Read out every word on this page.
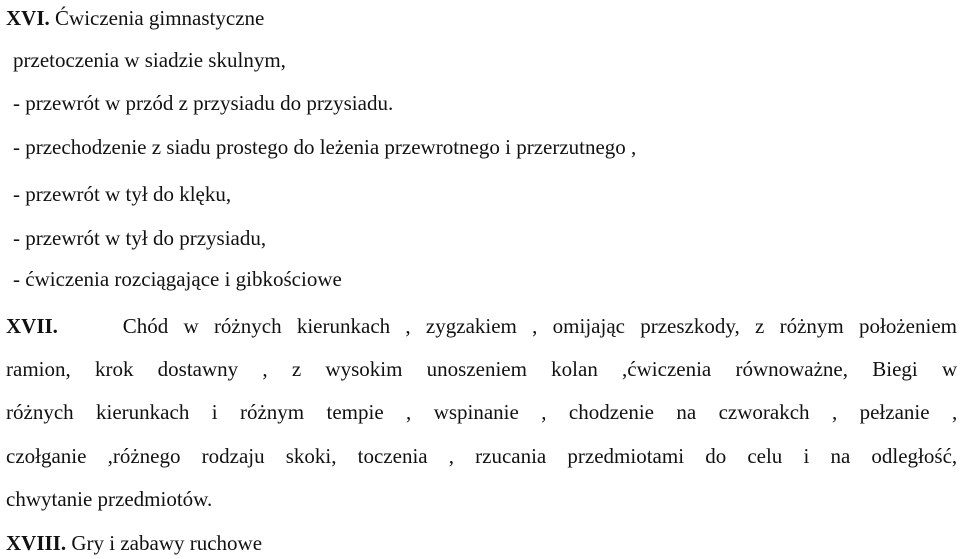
XVI. Ćwiczenia gimnastyczne
przetoczenia w siadzie skulnym,
- przewrót w przód z przysiadu do przysiadu.
- przechodzenie z siadu prostego do leżenia przewrotnego i przerzutnego ,
- przewrót w tył do klęku,
- przewrót w tył do przysiadu,
- ćwiczenia rozciągające i gibkościowe
XVII.	Chód w różnych kierunkach , zygzakiem , omijając przeszkody, z różnym położeniem
ramion, krok dostawny , z wysokim unoszeniem kolan ,ćwiczenia równoważne, Biegi w
różnych kierunkach i różnym tempie , wspinanie , chodzenie na czworakch , pełzanie ,
czołganie ,różnego rodzaju skoki, toczenia , rzucania przedmiotami do celu i na odległość,
chwytanie przedmiotów.
XVIII. Gry i zabawy ruchowe
